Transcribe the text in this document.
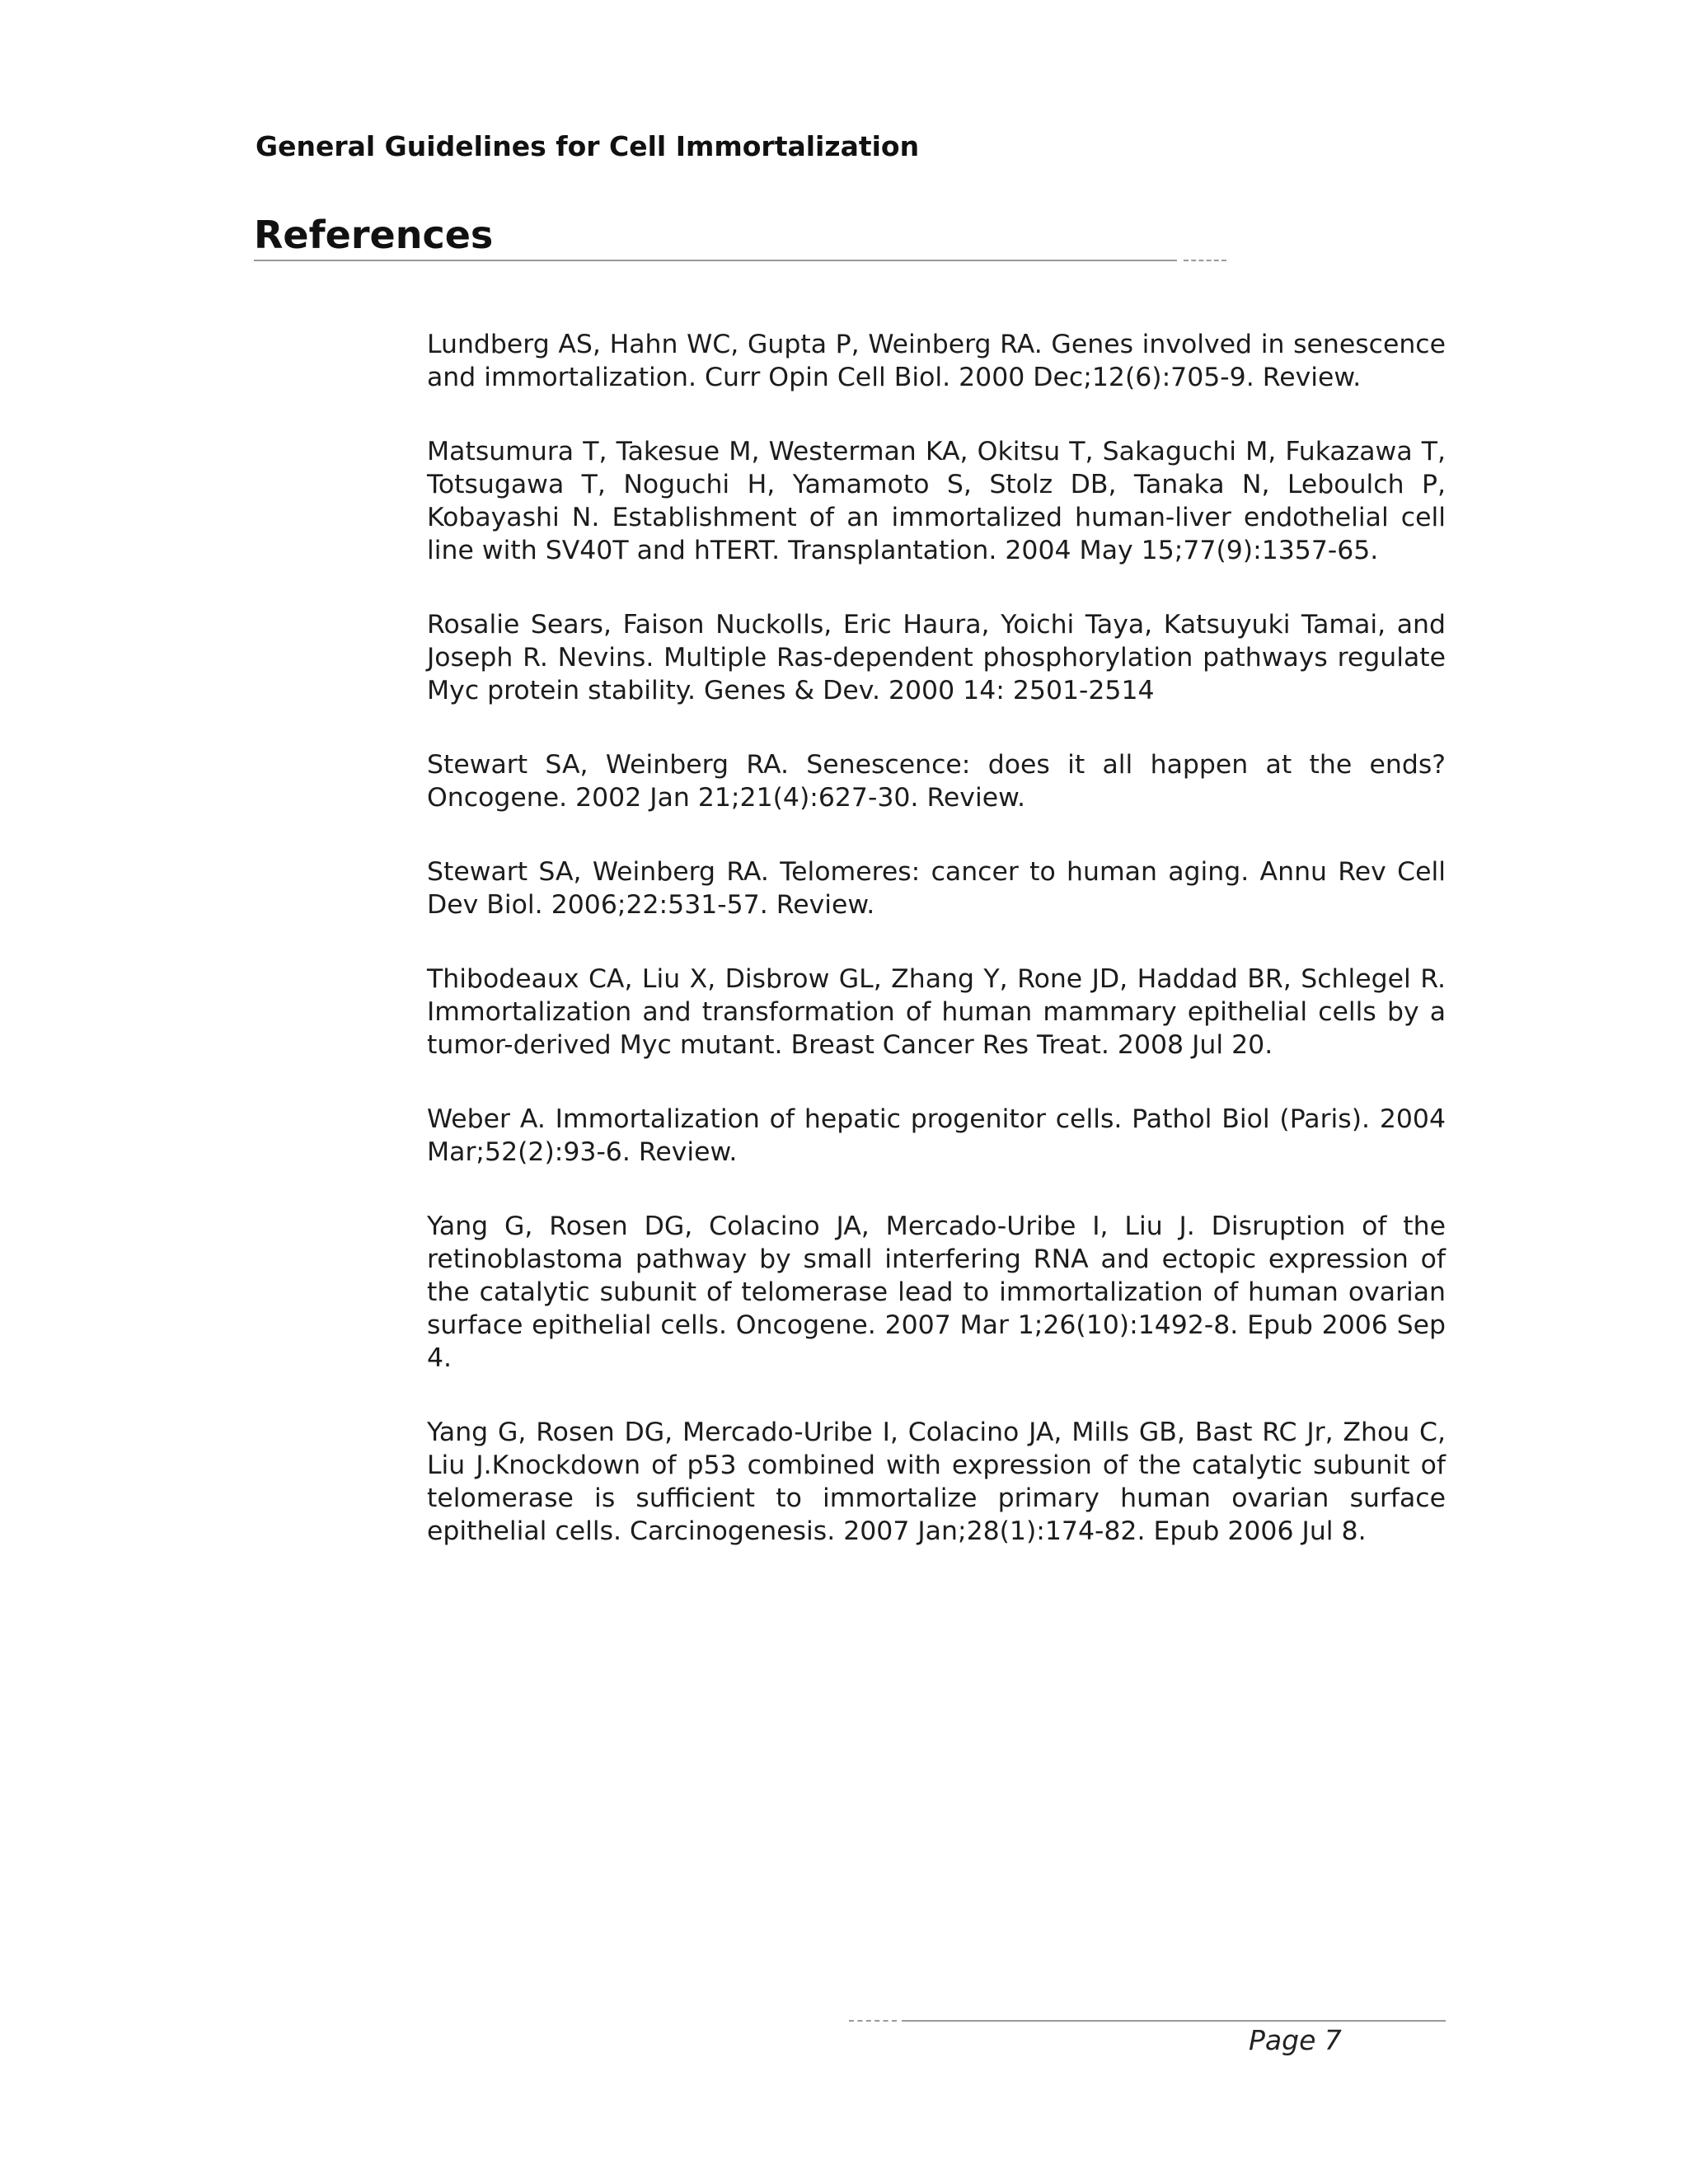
General Guidelines for Cell Immortalization
References
Lundberg AS, Hahn WC, Gupta P, Weinberg RA. Genes involved in senescence and immortalization. Curr Opin Cell Biol. 2000 Dec;12(6):705-9. Review.
Matsumura T, Takesue M, Westerman KA, Okitsu T, Sakaguchi M, Fukazawa T, Totsugawa T, Noguchi H, Yamamoto S, Stolz DB, Tanaka N, Leboulch P, Kobayashi N. Establishment of an immortalized human-liver endothelial cell line with SV40T and hTERT. Transplantation. 2004 May 15;77(9):1357-65.
Rosalie Sears, Faison Nuckolls, Eric Haura, Yoichi Taya, Katsuyuki Tamai, and Joseph R. Nevins. Multiple Ras-dependent phosphorylation pathways regulate Myc protein stability. Genes & Dev. 2000 14: 2501-2514
Stewart SA, Weinberg RA. Senescence: does it all happen at the ends? Oncogene. 2002 Jan 21;21(4):627-30. Review.
Stewart SA, Weinberg RA. Telomeres: cancer to human aging. Annu Rev Cell Dev Biol. 2006;22:531-57. Review.
Thibodeaux CA, Liu X, Disbrow GL, Zhang Y, Rone JD, Haddad BR, Schlegel R. Immortalization and transformation of human mammary epithelial cells by a tumor-derived Myc mutant. Breast Cancer Res Treat. 2008 Jul 20.
Weber A. Immortalization of hepatic progenitor cells. Pathol Biol (Paris). 2004 Mar;52(2):93-6. Review.
Yang G, Rosen DG, Colacino JA, Mercado-Uribe I, Liu J. Disruption of the retinoblastoma pathway by small interfering RNA and ectopic expression of the catalytic subunit of telomerase lead to immortalization of human ovarian surface epithelial cells. Oncogene. 2007 Mar 1;26(10):1492-8. Epub 2006 Sep 4.
Yang G, Rosen DG, Mercado-Uribe I, Colacino JA, Mills GB, Bast RC Jr, Zhou C, Liu J.Knockdown of p53 combined with expression of the catalytic subunit of telomerase is sufficient to immortalize primary human ovarian surface epithelial cells. Carcinogenesis. 2007 Jan;28(1):174-82. Epub 2006 Jul 8.
Page 7
